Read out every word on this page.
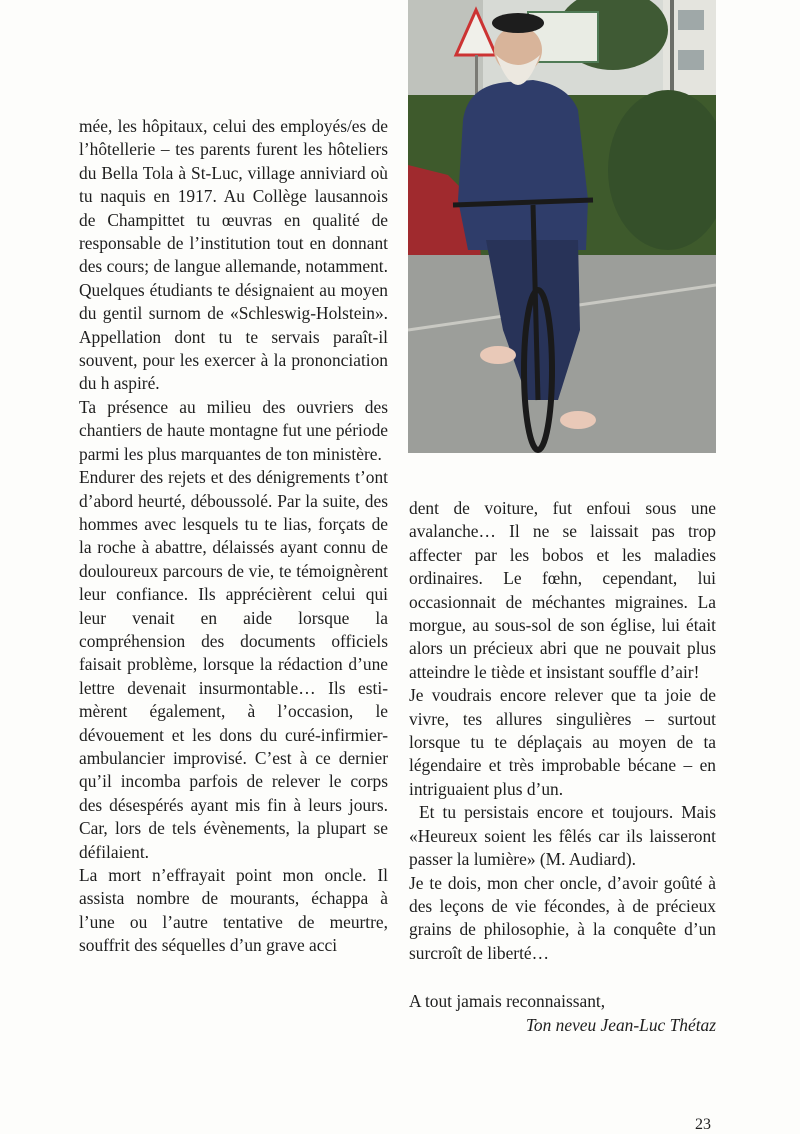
mée, les hôpitaux, celui des employés/es de l’hôtellerie – tes parents furent les hôteliers du Bella Tola à St-Luc, village anniviard où tu naquis en 1917. Au Collège lausannois de Champittet tu œuvras en qualité de responsable de l’institution tout en donnant des cours; de langue allemande, notamment. Quelques étudiants te désignaient au moyen du gentil surnom de «Schleswig-Holstein». Appellation dont tu te servais paraît-il souvent, pour les exercer à la prononciation du h aspiré.

Ta présence au milieu des ouvriers des chantiers de haute montagne fut une période parmi les plus marquantes de ton ministère.

Endurer des rejets et des dénigrements t’ont d’abord heurté, déboussolé. Par la suite, des hommes avec lesquels tu te lias, forçats de la roche à abattre, délaissés ayant connu de douloureux parcours de vie, te témoignèrent leur confiance. Ils apprécièrent celui qui leur venait en aide lorsque la compréhension des documents officiels faisait problème, lorsque la rédaction d’une lettre devenait insurmontable… Ils estimèrent également, à l’occasion, le dévouement et les dons du curé-infirmier-ambulancier improvisé. C’est à ce dernier qu’il incomba parfois de relever le corps des désespérés ayant mis fin à leurs jours. Car, lors de tels évènements, la plupart se défilaient.

La mort n’effrayait point mon oncle. Il assista nombre de mourants, échappa à l’une ou l’autre tentative de meurtre, souffrit des séquelles d’un grave acci

dent de voiture, fut enfoui sous une avalanche… Il ne se laissait pas trop affecter par les bobos et les maladies ordinaires. Le fœhn, cependant, lui occasionnait de méchantes migraines. La morgue, au sous-sol de son église, lui était alors un précieux abri que ne pouvait plus atteindre le tiède et insistant souffle d’air!

Je voudrais encore relever que ta joie de vivre, tes allures singulières – surtout lorsque tu te déplaçais au moyen de ta légendaire et très improbable bécane – en intriguaient plus d’un.

Et tu persistais encore et toujours. Mais «Heureux soient les fêlés car ils laisseront passer la lumière» (M. Audiard).

Je te dois, mon cher oncle, d’avoir goûté à des leçons de vie fécondes, à de précieux grains de philosophie, à la conquête d’un surcroît de liberté…

A tout jamais reconnaissant,

Ton neveu Jean-Luc Thétaz

23
